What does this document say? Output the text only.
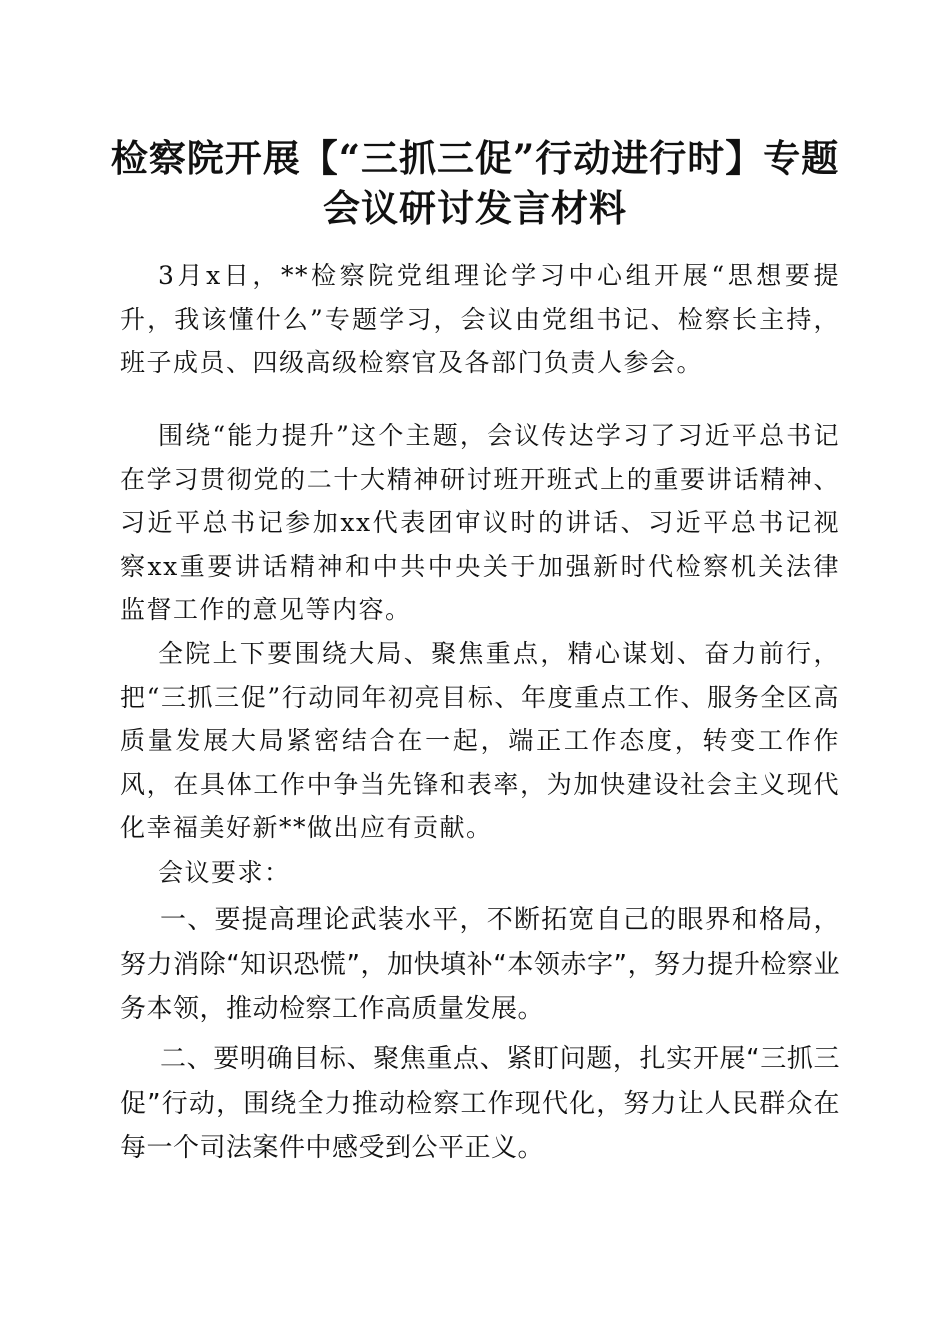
检察院开展【“三抓三促”行动进行时】专题
会议研讨发言材料

3月x日，**检察院党组理论学习中心组开展“思想要提升，我该懂什么”专题学习，会议由党组书记、检察长主持，班子成员、四级高级检察官及各部门负责人参会。

围绕“能力提升”这个主题，会议传达学习了习近平总书记在学习贯彻党的二十大精神研讨班开班式上的重要讲话精神、习近平总书记参加xx代表团审议时的讲话、习近平总书记视察xx重要讲话精神和中共中央关于加强新时代检察机关法律监督工作的意见等内容。

全院上下要围绕大局、聚焦重点，精心谋划、奋力前行，把“三抓三促”行动同年初亮目标、年度重点工作、服务全区高质量发展大局紧密结合在一起，端正工作态度，转变工作作风，在具体工作中争当先锋和表率，为加快建设社会主义现代化幸福美好新**做出应有贡献。

会议要求：

一、要提高理论武装水平，不断拓宽自己的眼界和格局，努力消除“知识恐慌”，加快填补“本领赤字”，努力提升检察业务本领，推动检察工作高质量发展。

二、要明确目标、聚焦重点、紧盯问题，扎实开展“三抓三促”行动，围绕全力推动检察工作现代化，努力让人民群众在每一个司法案件中感受到公平正义。
